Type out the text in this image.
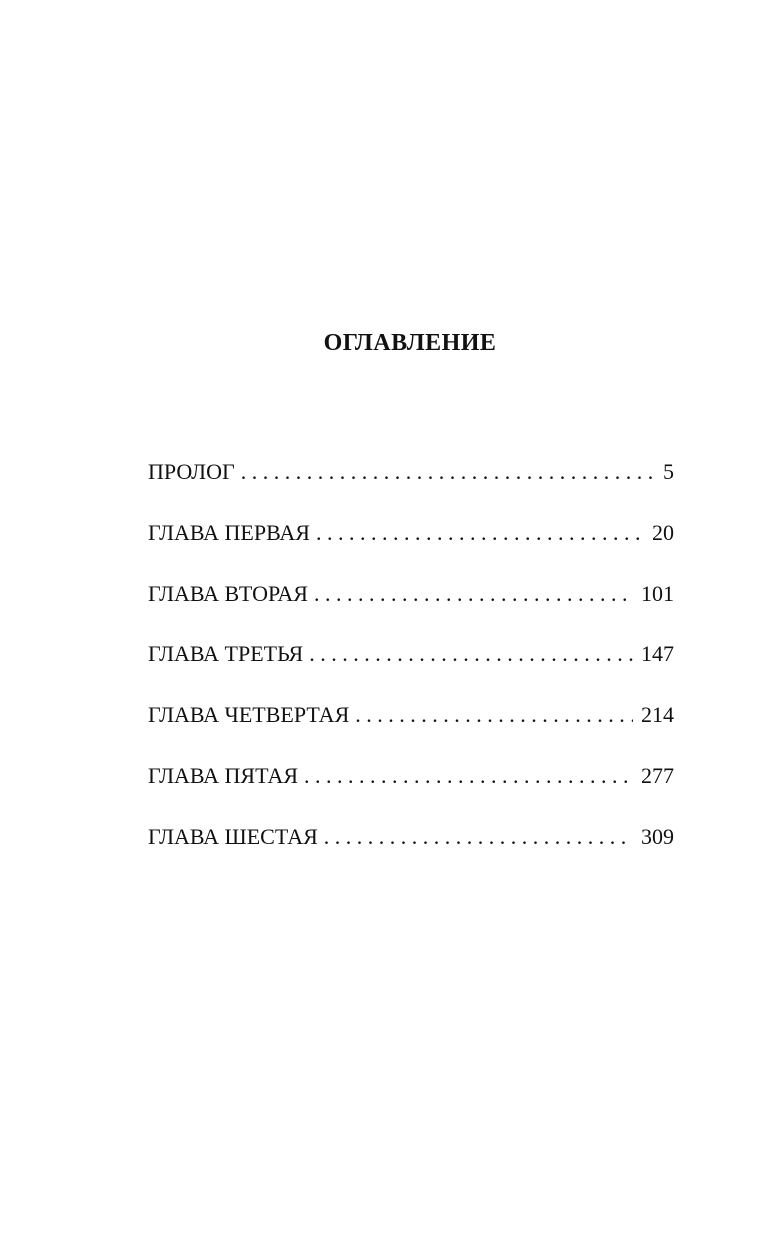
ОГЛАВЛЕНИЕ
ПРОЛОГ . . .	5
ГЛАВА ПЕРВАЯ . . .	20
ГЛАВА ВТОРАЯ . . .	101
ГЛАВА ТРЕТЬЯ . . .	147
ГЛАВА ЧЕТВЕРТАЯ . . .	214
ГЛАВА ПЯТАЯ . . .	277
ГЛАВА ШЕСТАЯ . . .	309
